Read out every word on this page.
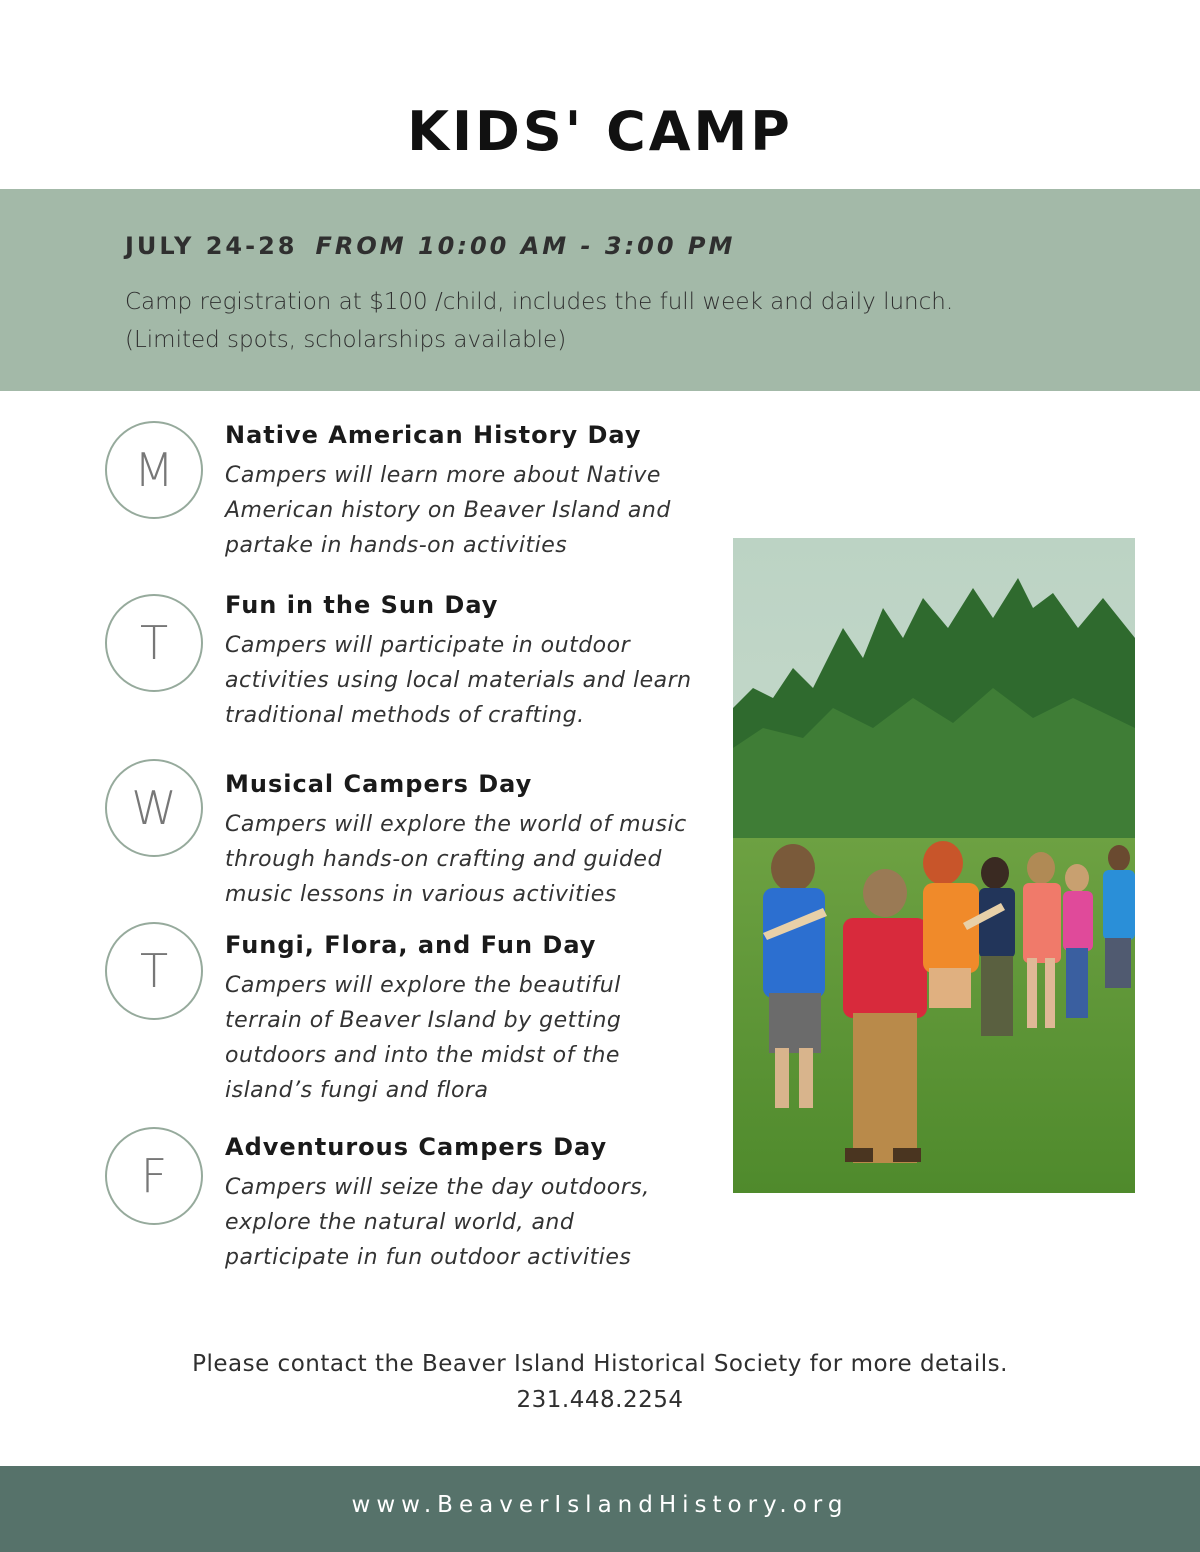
KIDS' CAMP
JULY 24-28 FROM 10:00 AM - 3:00 PM
Camp registration at $100 /child, includes the full week and daily lunch.
(Limited spots, scholarships available)
M
Native American History Day
Campers will learn more about Native American history on Beaver Island and partake in hands-on activities
T
Fun in the Sun Day
Campers will participate in outdoor activities using local materials and learn traditional methods of crafting.
W	Musical Campers Day
Campers will explore the world of music through hands-on crafting and guided music lessons in various activities
T	Fungi, Flora, and Fun Day
Campers will explore the beautiful terrain of Beaver Island by getting outdoors and into the midst of the island’s fungi and flora
F
Adventurous Campers Day
Campers will seize the day outdoors, explore the natural world, and participate in fun outdoor activities
Please contact the Beaver Island Historical Society for more details.
231.448.2254
www.BeaverIslandHistory.org
